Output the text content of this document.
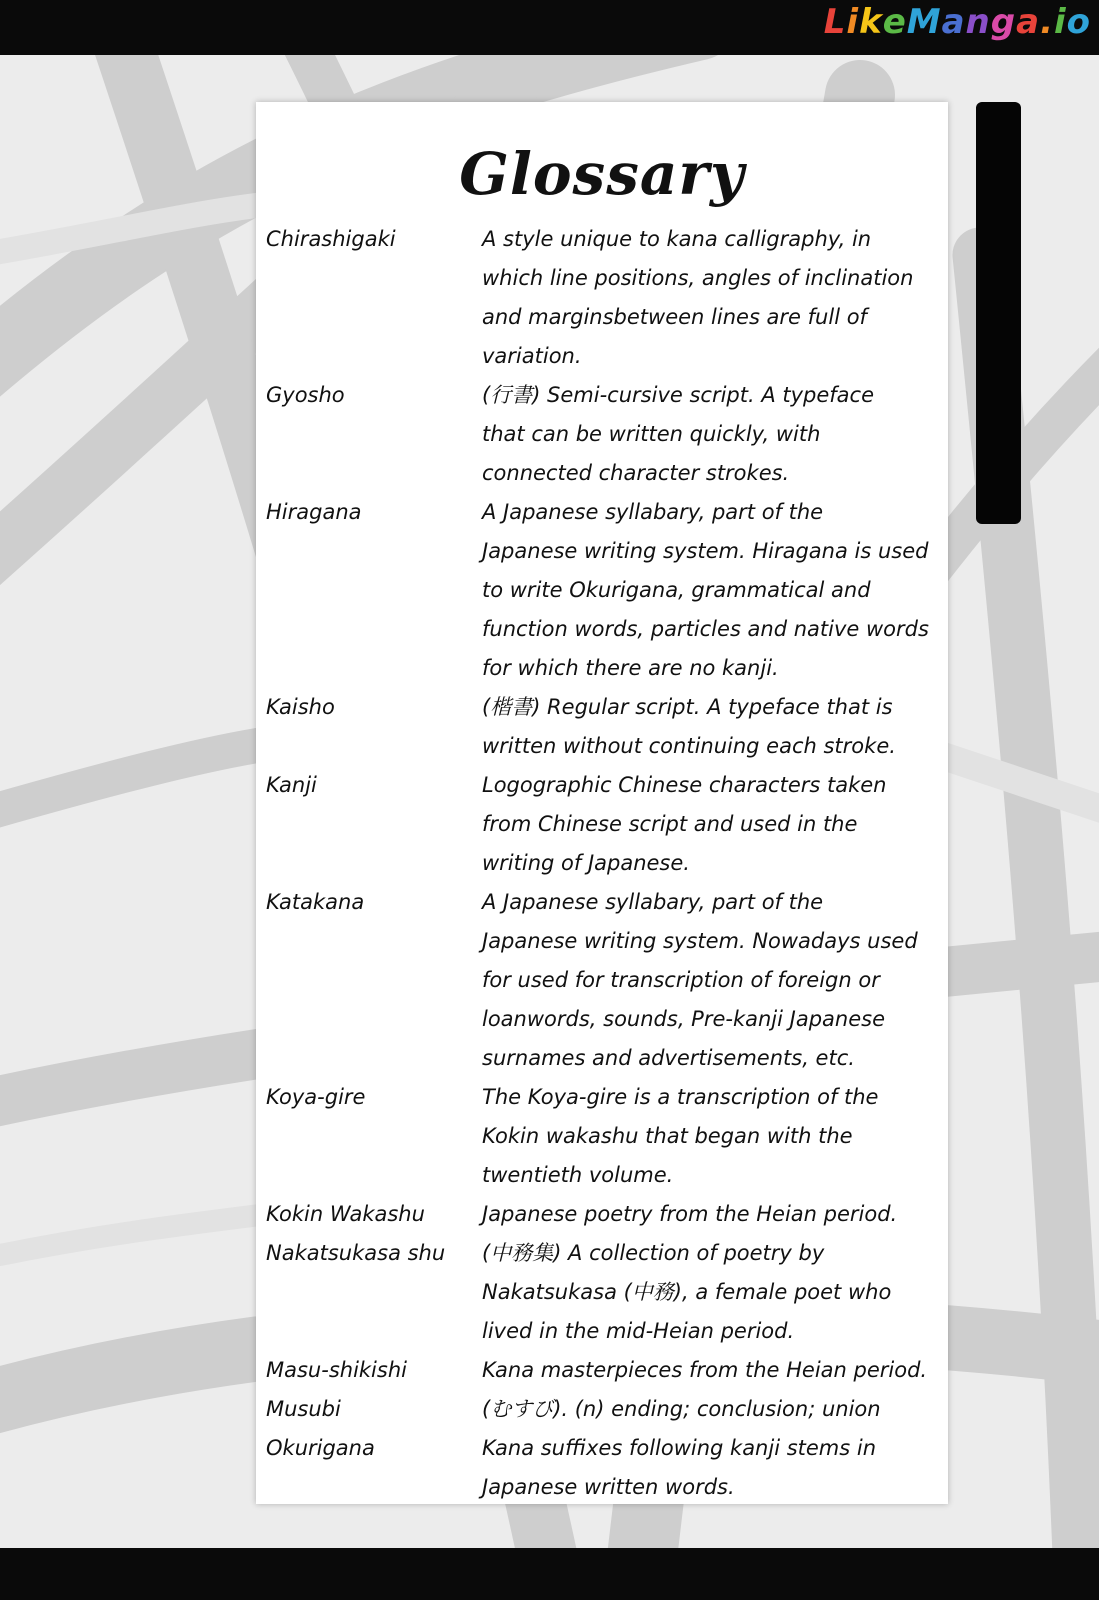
LikeManga.io
Glossary
Chirashigaki	A style unique to kana calligraphy, in
which line positions, angles of inclination
and marginsbetween lines are full of
variation.
Gyosho	(行書) Semi-cursive script. A typeface
that can be written quickly, with
connected character strokes.
Hiragana	A Japanese syllabary, part of the
Japanese writing system. Hiragana is used
to write Okurigana, grammatical and
function words, particles and native words
for which there are no kanji.
Kaisho	(楷書) Regular script. A typeface that is
written without continuing each stroke.
Kanji	Logographic Chinese characters taken
from Chinese script and used in the
writing of Japanese.
Katakana	A Japanese syllabary, part of the
Japanese writing system. Nowadays used
for used for transcription of foreign or
loanwords, sounds, Pre-kanji Japanese
surnames and advertisements, etc.
Koya-gire	The Koya-gire is a transcription of the
Kokin wakashu that began with the
twentieth volume.
Kokin Wakashu	Japanese poetry from the Heian period.
Nakatsukasa shu	(中務集) A collection of poetry by
Nakatsukasa (中務), a female poet who
lived in the mid-Heian period.
Masu-shikishi	Kana masterpieces from the Heian period.
Musubi	(むすび). (n) ending; conclusion; union
Okurigana	Kana suffixes following kanji stems in
Japanese written words.
